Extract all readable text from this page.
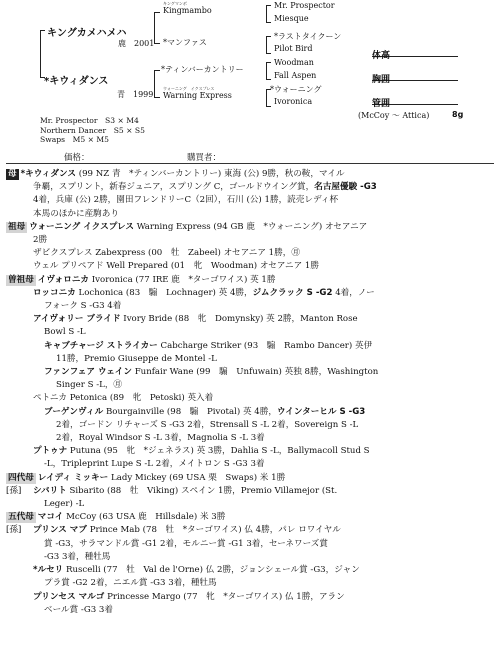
キングカメハメハ
鹿　2001
キングマンボ
Kingmambo
*マンファス
Mr. Prospector
Miesque
*ラストタイクーン
Pilot Bird
*キウィダンス
青　1999
*ティンバーカントリー
ウォーニング　イクスプレス
Warning Express
Woodman
Fall Aspen
*ウォーニング
Ivoronica
体高
胸囲
管囲
(McCoy ～ Attica)	8g
Mr. Prospector　S3 × M4
Northern Dancer　S5 × S5
Swaps　M5 × M5
価格：	購買者：

母 *キウィダンス (99 NZ 青　*ティンバーカントリー) 東海 (公) 9勝，秋の鞍，マイル

争覇，スプリント，新春ジュニア，スプリング C，ゴールドウイング賞，名古屋優駿 -G3

4着，兵庫 (公) 2勝，園田フレンドリーC（2回），石川 (公) 1勝，読売レディ杯

本馬のほかに産駒あり

祖母 ウォーニング イクスプレス Warning Express (94 GB 鹿　*ウォーニング) オセアニア

2勝

ザビクスプレス Zabexpress (00　牡　Zabeel) オセアニア 1勝，㊊

ウェル プリペアド Well Prepared (01　牝　Woodman) オセアニア 1勝

曽祖母 イヴォロニカ Ivoronica (77 IRE 鹿　*ターゴワイス) 英 1勝

ロッコニカ Lochonica (83　騸　Lochnager) 英 4勝，ジムクラック S -G2 4着，ノー

フォーク S -G3 4着

アイヴォリー ブライド Ivory Bride (88　牝　Domynsky) 英 2勝，Manton Rose

Bowl S -L

キャブチャージ ストライカー Cabcharge Striker (93　騸　Rambo Dancer) 英伊

11勝，Premio Giuseppe de Montel -L

ファンフェア ウェイン Funfair Wane (99　騸　Unfuwain) 英独 8勝，Washington

Singer S -L，㊊

ペトニカ Petonica (89　牝　Petoski) 英入着

ブーゲンヴィル Bourgainville (98　騸　Pivotal) 英 4勝，ウインターヒル S -G3

2着，ゴードン リチャーズ S -G3 2着，Strensall S -L 2着，Sovereign S -L

2着，Royal Windsor S -L 3着，Magnolia S -L 3着

プトゥナ Putuna (95　牝　*ジェネラス) 英 3勝，Dahlia S -L，Ballymacoll Stud S

-L，Tripleprint Lupe S -L 2着，メイトロン S -G3 3着

四代母 レイディ ミッキー Lady Mickey (69 USA 栗　Swaps) 米 1勝

[孫] シバリト Sibarito (88　牡　Viking) スペイン 1勝，Premio Villamejor (St.

Leger) -L

五代母 マコイ McCoy (63 USA 鹿　Hillsdale) 米 3勝

[孫] プリンス マブ Prince Mab (78　牡　*ターゴワイス) 仏 4勝，パレ ロワイヤル

賞 -G3，サラマンドル賞 -G1 2着，モルニー賞 -G1 3着，セーネワーズ賞

-G3 3着，種牡馬

*ルセリ Ruscelli (77　牡　Val de l'Orne) 仏 2勝，ジョンシェール賞 -G3，ジャン

プラ賞 -G2 2着，ニエル賞 -G3 3着，種牡馬

プリンセス マルゴ Princesse Margo (77　牝　*ターゴワイス) 仏 1勝，アラン

ベール賞 -G3 3着
